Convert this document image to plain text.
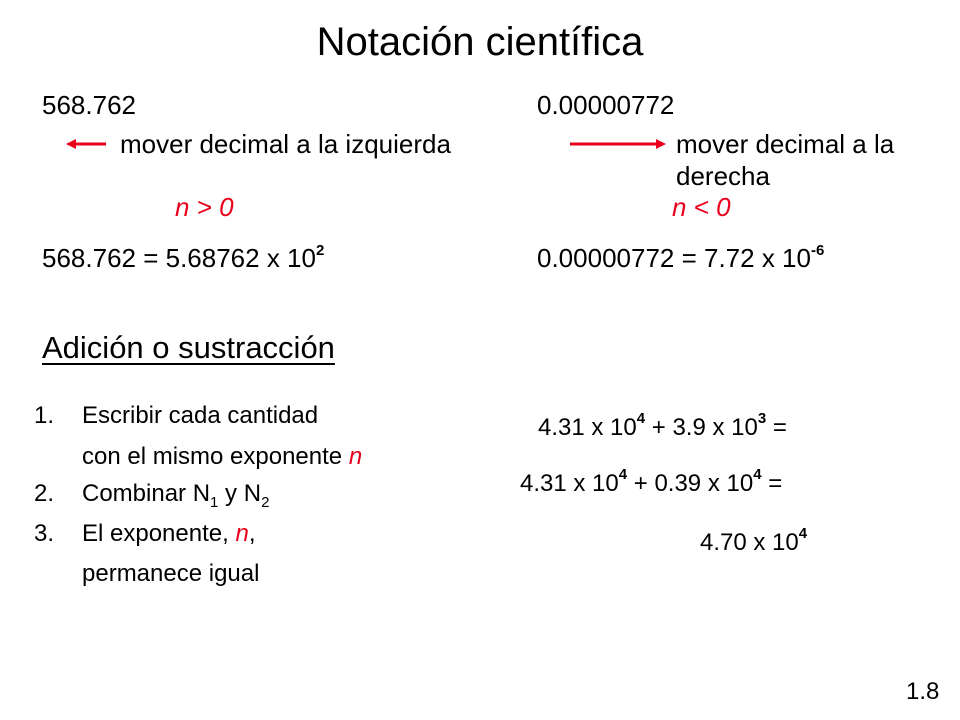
Notación científica
568.762
mover decimal a la izquierda
n > 0
568.762 = 5.68762 x $10^2$
0.00000772
mover decimal a la
derecha
n < 0
0.00000772 = 7.72 x $10^{-6}$
Adición o sustracción
1. Escribir cada cantidad
con el mismo exponente n
2. Combinar $N_1$ y $N_2$
3. El exponente, n,
permanece igual
4.31 x $10^4 + 3.9$ x $10^3$ =
4.31 x $10^4 + 0.39$ x $10^4$ =
4.70 x $10^4$
1.8
